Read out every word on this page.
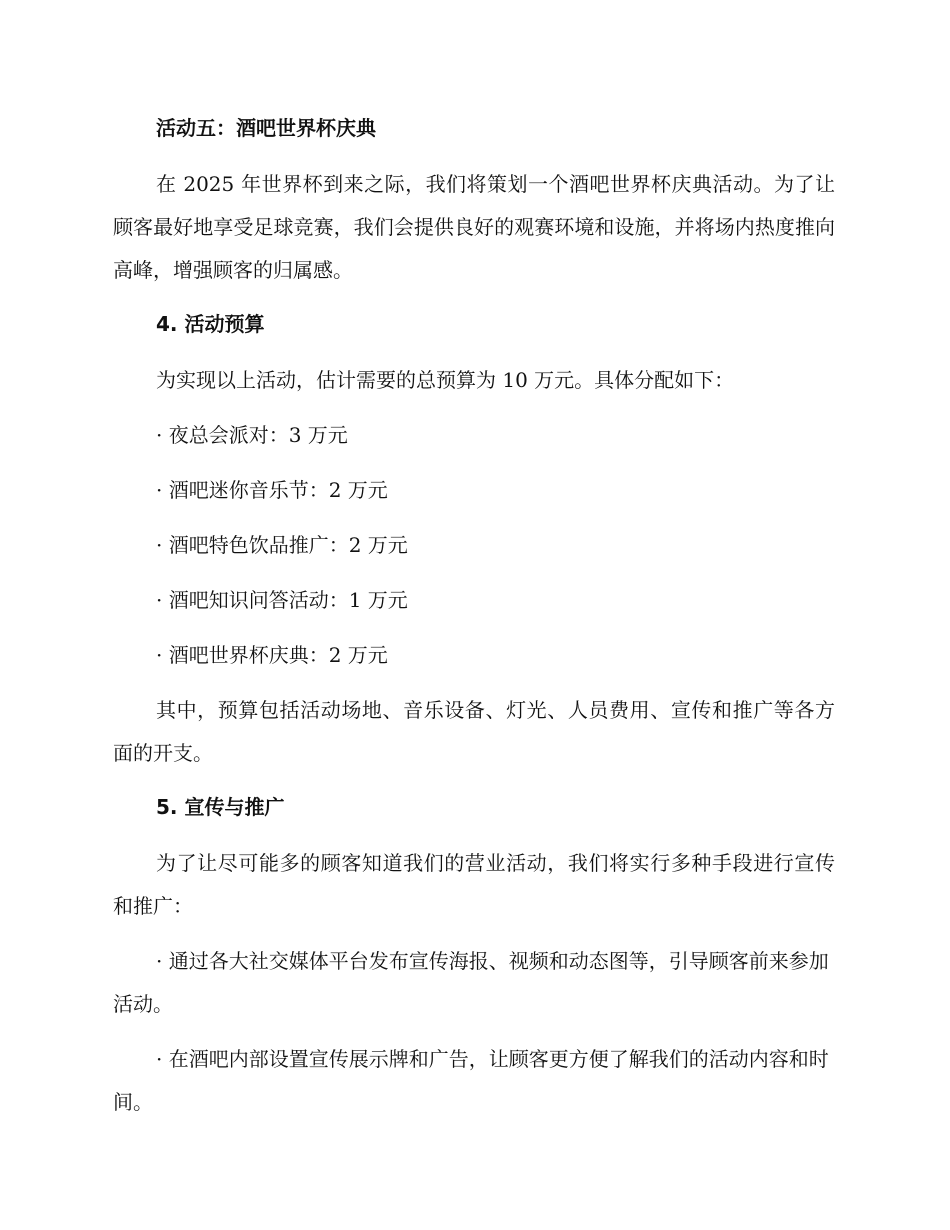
活动五：酒吧世界杯庆典

在 2025 年世界杯到来之际，我们将策划一个酒吧世界杯庆典活动。为了让顾客最好地享受足球竞赛，我们会提供良好的观赛环境和设施，并将场内热度推向高峰，增强顾客的归属感。

4. 活动预算

为实现以上活动，估计需要的总预算为 10 万元。具体分配如下：

· 夜总会派对：3 万元

· 酒吧迷你音乐节：2 万元

· 酒吧特色饮品推广：2 万元

· 酒吧知识问答活动：1 万元

· 酒吧世界杯庆典：2 万元

其中，预算包括活动场地、音乐设备、灯光、人员费用、宣传和推广等各方面的开支。

5. 宣传与推广

为了让尽可能多的顾客知道我们的营业活动，我们将实行多种手段进行宣传和推广：

· 通过各大社交媒体平台发布宣传海报、视频和动态图等，引导顾客前来参加活动。

· 在酒吧内部设置宣传展示牌和广告，让顾客更方便了解我们的活动内容和时间。
